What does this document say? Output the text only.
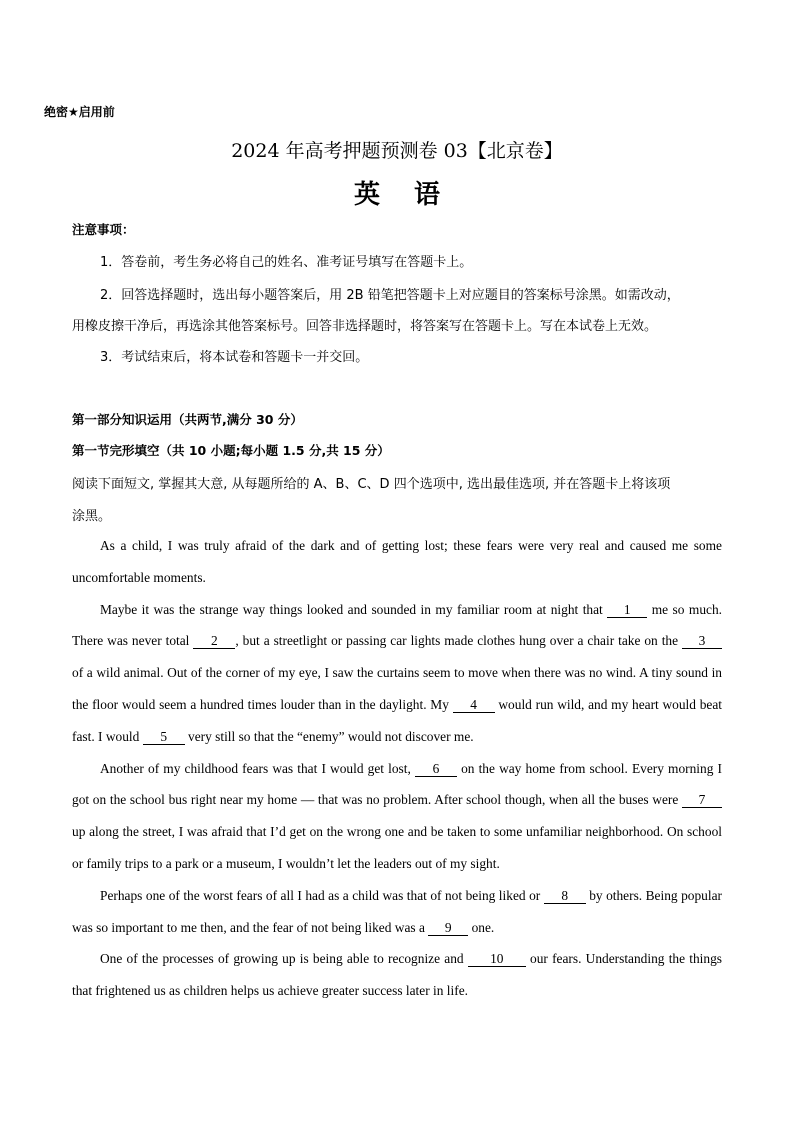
绝密★启用前
2024 年高考押题预测卷 03【北京卷】
英语
注意事项：
1．答卷前，考生务必将自己的姓名、准考证号填写在答题卡上。
2．回答选择题时，选出每小题答案后，用 2B 铅笔把答题卡上对应题目的答案标号涂黑。如需改动，
用橡皮擦干净后，再选涂其他答案标号。回答非选择题时，将答案写在答题卡上。写在本试卷上无效。
3．考试结束后，将本试卷和答题卡一并交回。
第一部分知识运用（共两节,满分 30 分）
第一节完形填空（共 10 小题;每小题 1.5 分,共 15 分）
阅读下面短文, 掌握其大意, 从每题所给的 A、B、C、D 四个选项中, 选出最佳选项, 并在答题卡上将该项
涂黑。

As a child, I was truly afraid of the dark and of getting lost; these fears were very real and caused me some uncomfortable moments.

Maybe it was the strange way things looked and sounded in my familiar room at night that 1 me so much. There was never total 2 , but a streetlight or passing car lights made clothes hung over a chair take on the 3 of a wild animal. Out of the corner of my eye, I saw the curtains seem to move when there was no wind. A tiny sound in the floor would seem a hundred times louder than in the daylight. My 4 would run wild, and my heart would beat fast. I would 5 very still so that the “enemy” would not discover me.

Another of my childhood fears was that I would get lost, 6 on the way home from school. Every morning I got on the school bus right near my home — that was no problem. After school though, when all the buses were 7 up along the street, I was afraid that I’d get on the wrong one and be taken to some unfamiliar neighborhood. On school or family trips to a park or a museum, I wouldn’t let the leaders out of my sight.

Perhaps one of the worst fears of all I had as a child was that of not being liked or 8 by others. Being popular was so important to me then, and the fear of not being liked was a 9 one.

One of the processes of growing up is being able to recognize and 10 our fears. Understanding the things that frightened us as children helps us achieve greater success later in life.
